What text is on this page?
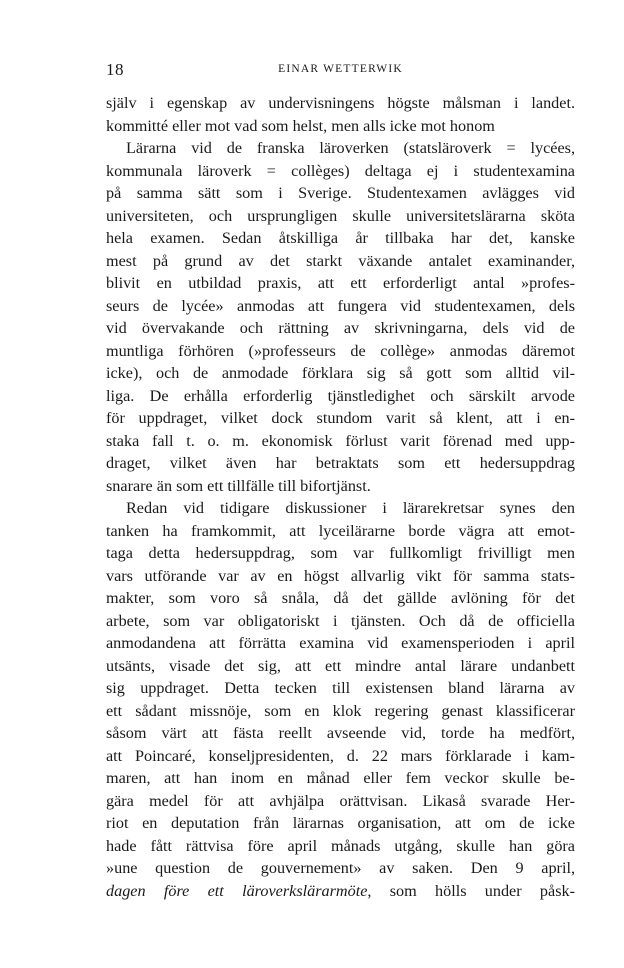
18	EINAR WETTERWIK
själv i egenskap av undervisningens högste målsman i landet.
kommitté eller mot vad som helst, men alls icke mot honom
Lärarna vid de franska läroverken (statsläroverk = lycées,
kommunala läroverk = collèges) deltaga ej i studentexamina
på samma sätt som i Sverige. Studentexamen avlägges vid
universiteten, och ursprungligen skulle universitetslärarna sköta
hela examen. Sedan åtskilliga år tillbaka har det, kanske
mest på grund av det starkt växande antalet examinander,
blivit en utbildad praxis, att ett erforderligt antal »profes-
seurs de lycée» anmodas att fungera vid studentexamen, dels
vid övervakande och rättning av skrivningarna, dels vid de
muntliga förhören (»professeurs de collège» anmodas däremot
icke), och de anmodade förklara sig så gott som alltid vil-
liga. De erhålla erforderlig tjänstledighet och särskilt arvode
för uppdraget, vilket dock stundom varit så klent, att i en-
staka fall t. o. m. ekonomisk förlust varit förenad med upp-
draget, vilket även har betraktats som ett hedersuppdrag
snarare än som ett tillfälle till bifortjänst.
Redan vid tidigare diskussioner i lärarekretsar synes den
tanken ha framkommit, att lyceilärarne borde vägra att emot-
taga detta hedersuppdrag, som var fullkomligt frivilligt men
vars utförande var av en högst allvarlig vikt för samma stats-
makter, som voro så snåla, då det gällde avlöning för det
arbete, som var obligatoriskt i tjänsten. Och då de officiella
anmodandena att förrätta examina vid examensperioden i april
utsänts, visade det sig, att ett mindre antal lärare undanbett
sig uppdraget. Detta tecken till existensen bland lärarna av
ett sådant missnöje, som en klok regering genast klassificerar
såsom värt att fästa reellt avseende vid, torde ha medfört,
att Poincaré, konseljpresidenten, d. 22 mars förklarade i kam-
maren, att han inom en månad eller fem veckor skulle be-
gära medel för att avhjälpa orättvisan. Likaså svarade Her-
riot en deputation från lärarnas organisation, att om de icke
hade fått rättvisa före april månads utgång, skulle han göra
»une question de gouvernement» av saken. Den 9 april,
dagen före ett läroverkslärarmöte, som hölls under påsk-
